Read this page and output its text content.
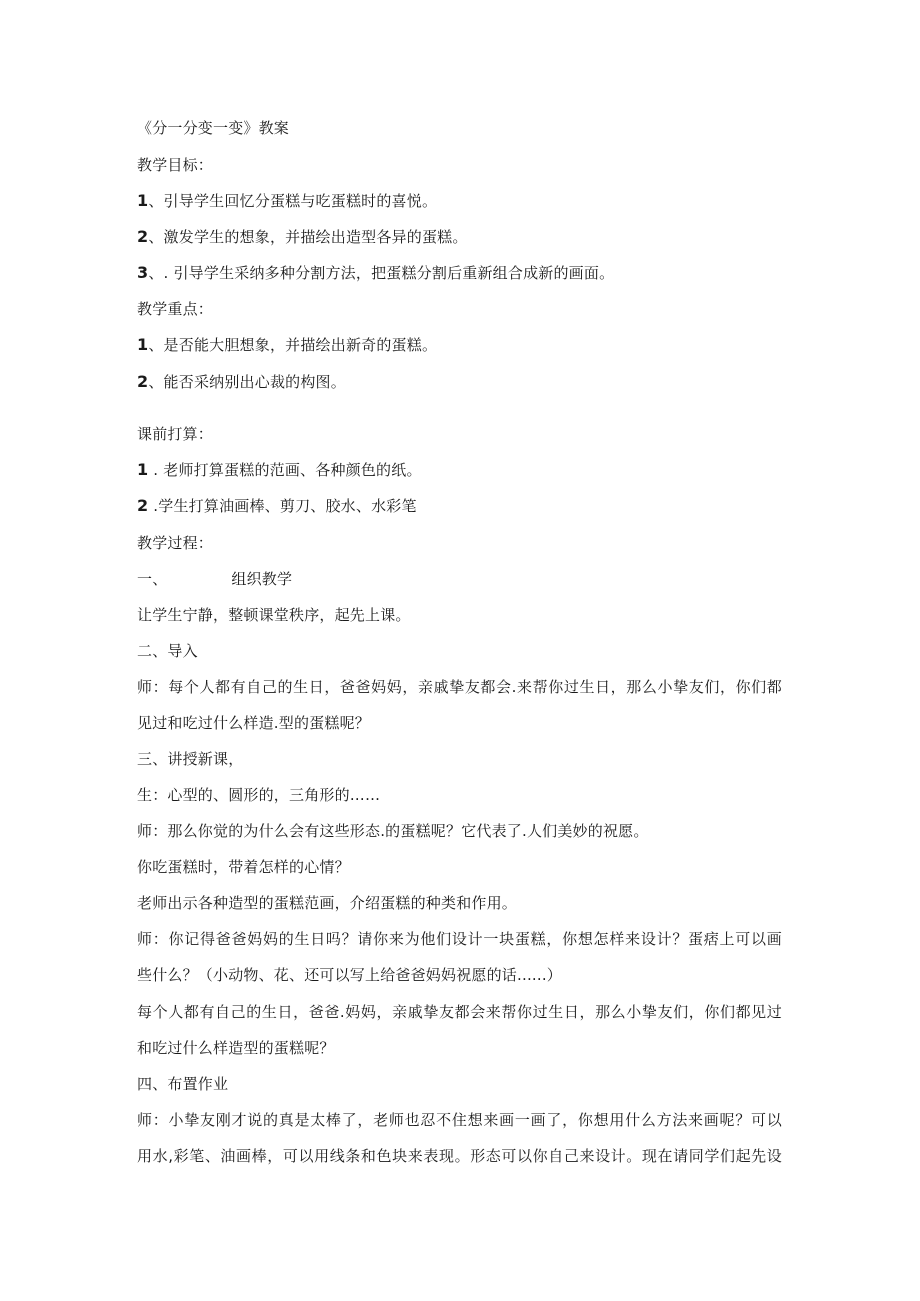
《分一分变一变》教案
教学目标：
1、引导学生回忆分蛋糕与吃蛋糕时的喜悦。
2、激发学生的想象，并描绘出造型各异的蛋糕。
3、. 引导学生采纳多种分割方法，把蛋糕分割后重新组合成新的画面。
教学重点：
1、是否能大胆想象，并描绘出新奇的蛋糕。
2、能否采纳别出心裁的构图。
课前打算：
1 . 老师打算蛋糕的范画、各种颜色的纸。
2 .学生打算油画棒、剪刀、胶水、水彩笔
教学过程：
一、	组织教学
让学生宁静，整顿课堂秩序，起先上课。
二、导入
师：每个人都有自己的生日，爸爸妈妈，亲戚挚友都会.来帮你过生日，那么小挚友们，你们都
见过和吃过什么样造.型的蛋糕呢？
三、讲授新课，
生：心型的、圆形的，三角形的……
师：那么你觉的为什么会有这些形态.的蛋糕呢？它代表了.人们美妙的祝愿。
你吃蛋糕时，带着怎样的心情？
老师出示各种造型的蛋糕范画，介绍蛋糕的种类和作用。
师：你记得爸爸妈妈的生日吗？请你来为他们设计一块蛋糕，你想怎样来设计？蛋痞上可以画
些什么？（小动物、花、还可以写上给爸爸妈妈祝愿的话......）
每个人都有自己的生日，爸爸.妈妈，亲戚挚友都会来帮你过生日，那么小挚友们，你们都见过
和吃过什么样造型的蛋糕呢？
四、布置作业
师：小挚友刚才说的真是太棒了，老师也忍不住想来画一画了，你想用什么方法来画呢？可以
用水,彩笔、油画棒，可以用线条和色块来表现。形态可以你自己来设计。现在请同学们起先设
